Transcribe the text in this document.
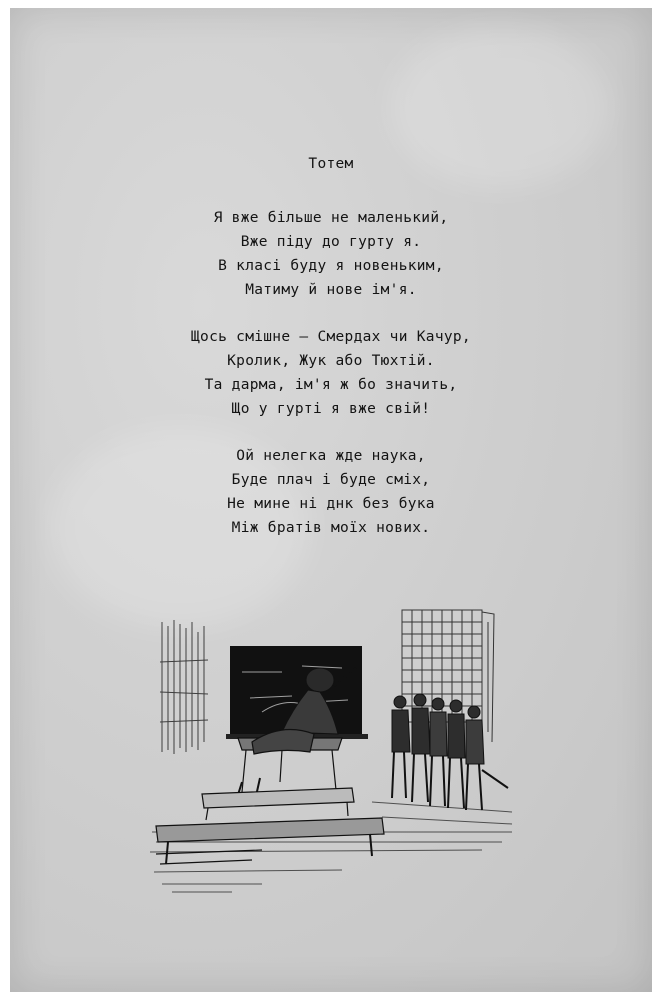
Тотем
Я вже більше не маленький,
Вже піду до гурту я.
В класі буду я новеньким,
Матиму й нове ім'я.
Щось смішне — Смердах чи Качур,
Кролик, Жук або Тюхтій.
Та дарма, ім'я ж бо значить,
Що у гурті я вже свій!
Ой нелегка жде наука,
Буде плач і буде сміх,
Не мине ні днк без бука
Між братів моїх нових.
